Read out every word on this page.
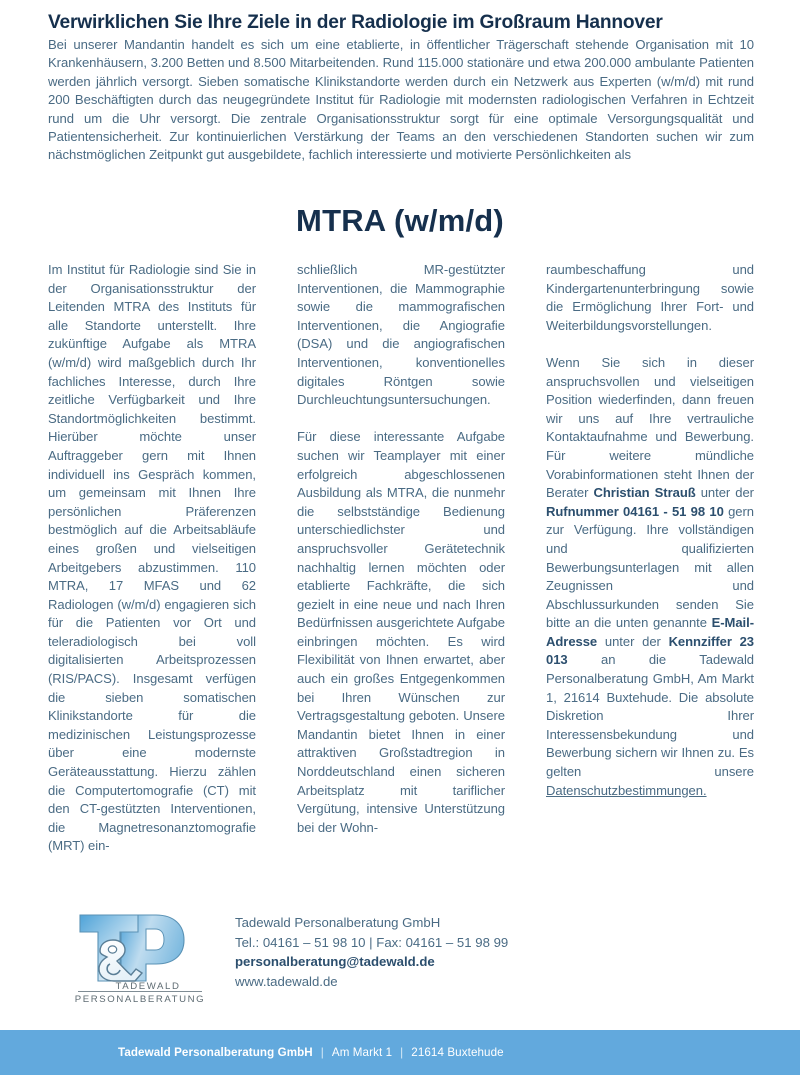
Verwirklichen Sie Ihre Ziele in der Radiologie im Großraum Hannover
Bei unserer Mandantin handelt es sich um eine etablierte, in öffentlicher Trägerschaft stehende Organisation mit 10 Krankenhäusern, 3.200 Betten und 8.500 Mitarbeitenden. Rund 115.000 stationäre und etwa 200.000 ambulante Patienten werden jährlich versorgt. Sieben somatische Klinikstandorte werden durch ein Netzwerk aus Experten (w/m/d) mit rund 200 Beschäftigten durch das neugegründete Institut für Radiologie mit modernsten radiologischen Verfahren in Echtzeit rund um die Uhr versorgt. Die zentrale Organisationsstruktur sorgt für eine optimale Versorgungsqualität und Patientensicherheit. Zur kontinuierlichen Verstärkung der Teams an den verschiedenen Standorten suchen wir zum nächstmöglichen Zeitpunkt gut ausgebildete, fachlich interessierte und motivierte Persönlichkeiten als
MTRA (w/m/d)

Im Institut für Radiologie sind Sie in der Organisationsstruktur der Leitenden MTRA des Instituts für alle Standorte unterstellt. Ihre zukünftige Aufgabe als MTRA (w/m/d) wird maßgeblich durch Ihr fachliches Interesse, durch Ihre zeitliche Verfügbarkeit und Ihre Standortmöglichkeiten bestimmt. Hierüber möchte unser Auftraggeber gern mit Ihnen individuell ins Gespräch kommen, um gemeinsam mit Ihnen Ihre persönlichen Präferenzen bestmöglich auf die Arbeitsabläufe eines großen und vielseitigen Arbeitgebers abzustimmen. 110 MTRA, 17 MFAS und 62 Radiologen (w/m/d) engagieren sich für die Patienten vor Ort und teleradiologisch bei voll digitalisierten Arbeitsprozessen (RIS/PACS). Insgesamt verfügen die sieben somatischen Klinikstandorte für die medizinischen Leistungsprozesse über eine modernste Geräteausstattung. Hierzu zählen die Computertomografie (CT) mit den CT-gestützten Interventionen, die Magnetresonanztomografie (MRT) ein-

schließlich MR-gestützter Interventionen, die Mammographie sowie die mammografischen Interventionen, die Angiografie (DSA) und die angiografischen Interventionen, konventionelles digitales Röntgen sowie Durchleuchtungsuntersuchungen.

Für diese interessante Aufgabe suchen wir Teamplayer mit einer erfolgreich abgeschlossenen Ausbildung als MTRA, die nunmehr die selbstständige Bedienung unterschiedlichster und anspruchsvoller Gerätetechnik nachhaltig lernen möchten oder etablierte Fachkräfte, die sich gezielt in eine neue und nach Ihren Bedürfnissen ausgerichtete Aufgabe einbringen möchten. Es wird Flexibilität von Ihnen erwartet, aber auch ein großes Entgegenkommen bei Ihren Wünschen zur Vertragsgestaltung geboten. Unsere Mandantin bietet Ihnen in einer attraktiven Großstadtregion in Norddeutschland einen sicheren Arbeitsplatz mit tariflicher Vergütung, intensive Unterstützung bei der Wohn-

raumbeschaffung und Kindergartenunterbringung sowie die Ermöglichung Ihrer Fort- und Weiterbildungsvorstellungen.

Wenn Sie sich in dieser anspruchsvollen und vielseitigen Position wiederfinden, dann freuen wir uns auf Ihre vertrauliche Kontaktaufnahme und Bewerbung. Für weitere mündliche Vorabinformationen steht Ihnen der Berater Christian Strauß unter der Rufnummer 04161 - 51 98 10 gern zur Verfügung. Ihre vollständigen und qualifizierten Bewerbungsunterlagen mit allen Zeugnissen und Abschlussurkunden senden Sie bitte an die unten genannte E-Mail-Adresse unter der Kennziffer 23 013 an die Tadewald Personalberatung GmbH, Am Markt 1, 21614 Buxtehude. Die absolute Diskretion Ihrer Interessensbekundung und Bewerbung sichern wir Ihnen zu. Es gelten unsere Datenschutzbestimmungen.

TADEWALD
PERSONALBERATUNG
Tadewald Personalberatung GmbH
Tel.: 04161 – 51 98 10 | Fax: 04161 – 51 98 99
personalberatung@tadewald.de
www.tadewald.de
Tadewald Personalberatung GmbH | Am Markt 1 | 21614 Buxtehude
